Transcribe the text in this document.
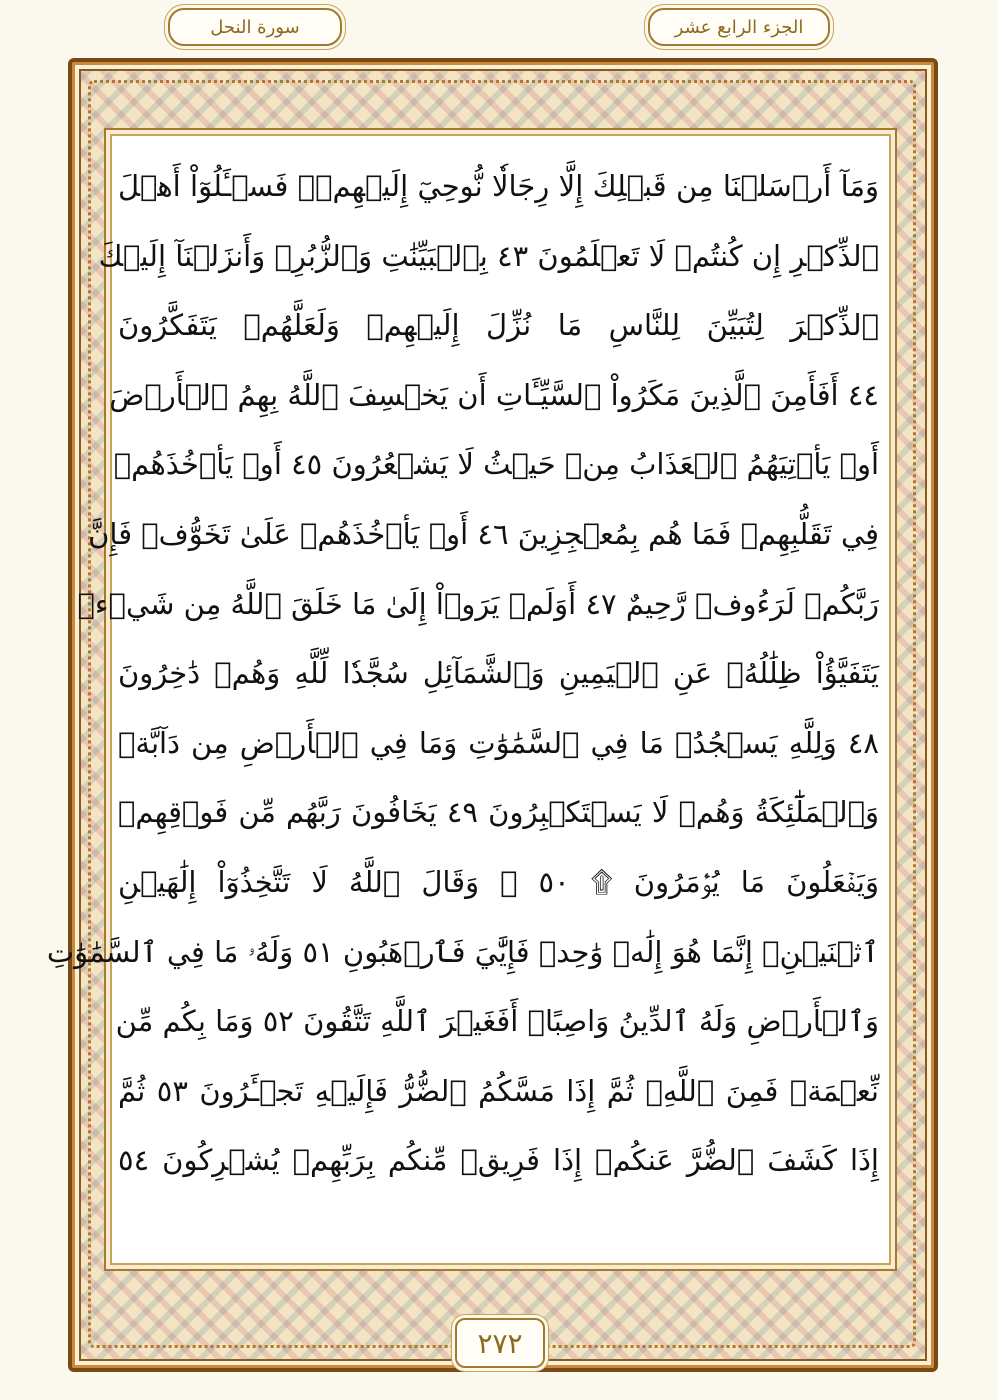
الجزء الرابع عشر
سورة النحل
وَمَآ أَرۡسَلۡنَا مِن قَبۡلِكَ إِلَّا رِجَالٗا نُّوحِيٓ إِلَيۡهِمۡۚ فَسۡـَٔلُوٓاْ أَهۡلَ
ٱلذِّكۡرِ إِن كُنتُمۡ لَا تَعۡلَمُونَ ٤٣ بِٱلۡبَيِّنَٰتِ وَٱلزُّبُرِۗ وَأَنزَلۡنَآ إِلَيۡكَ
ٱلذِّكۡرَ لِتُبَيِّنَ لِلنَّاسِ مَا نُزِّلَ إِلَيۡهِمۡ وَلَعَلَّهُمۡ يَتَفَكَّرُونَ
٤٤ أَفَأَمِنَ ٱلَّذِينَ مَكَرُواْ ٱلسَّيِّـَٔاتِ أَن يَخۡسِفَ ٱللَّهُ بِهِمُ ٱلۡأَرۡضَ
أَوۡ يَأۡتِيَهُمُ ٱلۡعَذَابُ مِنۡ حَيۡثُ لَا يَشۡعُرُونَ ٤٥ أَوۡ يَأۡخُذَهُمۡ
فِي تَقَلُّبِهِمۡ فَمَا هُم بِمُعۡجِزِينَ ٤٦ أَوۡ يَأۡخُذَهُمۡ عَلَىٰ تَخَوُّفٖ فَإِنَّ
رَبَّكُمۡ لَرَءُوفٞ رَّحِيمٌ ٤٧ أَوَلَمۡ يَرَوۡاْ إِلَىٰ مَا خَلَقَ ٱللَّهُ مِن شَيۡءٖ
يَتَفَيَّؤُاْ ظِلَٰلُهُۥ عَنِ ٱلۡيَمِينِ وَٱلشَّمَآئِلِ سُجَّدٗا لِّلَّهِ وَهُمۡ دَٰخِرُونَ
٤٨ وَلِلَّهِ يَسۡجُدُۤ مَا فِي ٱلسَّمَٰوَٰتِ وَمَا فِي ٱلۡأَرۡضِ مِن دَآبَّةٖ
وَٱلۡمَلَٰٓئِكَةُ وَهُمۡ لَا يَسۡتَكۡبِرُونَ ٤٩ يَخَافُونَ رَبَّهُم مِّن فَوۡقِهِمۡ
وَيَفۡعَلُونَ مَا يُؤۡمَرُونَ ۩ ٥٠ ۞ وَقَالَ ٱللَّهُ لَا تَتَّخِذُوٓاْ إِلَٰهَيۡنِ
ٱثۡنَيۡنِۖ إِنَّمَا هُوَ إِلَٰهٞ وَٰحِدٞ فَإِيَّٰيَ فَٱرۡهَبُونِ ٥١ وَلَهُۥ مَا فِي ٱلسَّمَٰوَٰتِ
وَٱلۡأَرۡضِ وَلَهُ ٱلدِّينُ وَاصِبًاۚ أَفَغَيۡرَ ٱللَّهِ تَتَّقُونَ ٥٢ وَمَا بِكُم مِّن
نِّعۡمَةٖ فَمِنَ ٱللَّهِۖ ثُمَّ إِذَا مَسَّكُمُ ٱلضُّرُّ فَإِلَيۡهِ تَجۡـَٔرُونَ ٥٣ ثُمَّ
إِذَا كَشَفَ ٱلضُّرَّ عَنكُمۡ إِذَا فَرِيقٞ مِّنكُم بِرَبِّهِمۡ يُشۡرِكُونَ ٥٤
٢٧٢
